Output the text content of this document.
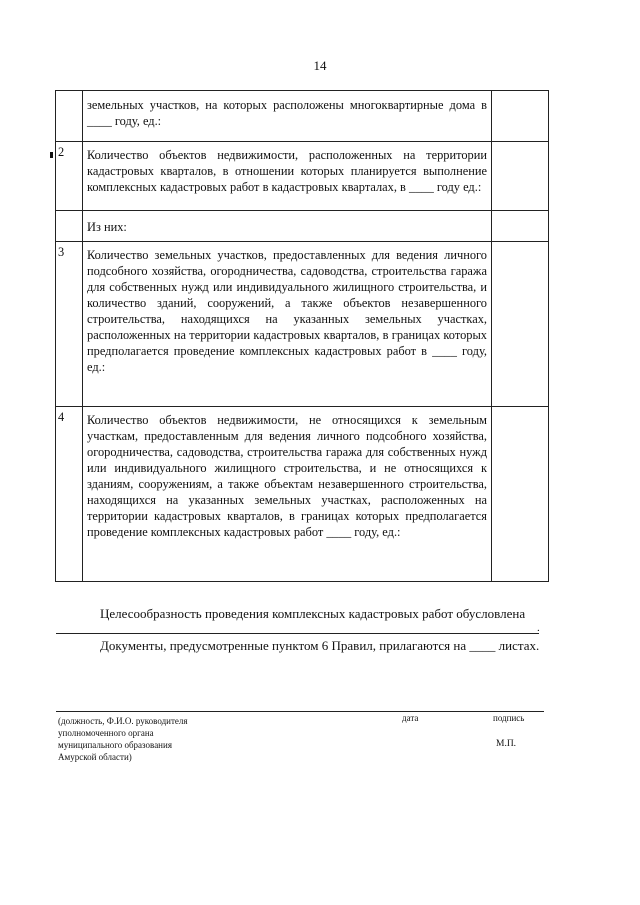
14

	земельных участков, на которых расположены многоквартирные дома в ____ году, ед.:	

2	Количество объектов недвижимости, расположенных на территории кадастровых кварталов, в отношении которых планируется выполнение комплексных кадастровых работ в кадастровых кварталах, в ____ году ед.:	

	Из них:	

3	Количество земельных участков, предоставленных для ведения личного подсобного хозяйства, огородничества, садоводства, строительства гаража для собственных нужд или индивидуального жилищного строительства, и количество зданий, сооружений, а также объектов незавершенного строительства, находящихся на указанных земельных участках, расположенных на территории кадастровых кварталов, в границах которых предполагается проведение комплексных кадастровых работ в ____ году, ед.:	

4	Количество объектов недвижимости, не относящихся к земельным участкам, предоставленным для ведения личного подсобного хозяйства, огородничества, садоводства, строительства гаража для собственных нужд или индивидуального жилищного строительства, и не относящихся к зданиям, сооружениям, а также объектам незавершенного строительства, находящихся на указанных земельных участках, расположенных на территории кадастровых кварталов, в границах которых предполагается проведение комплексных кадастровых работ ____ году, ед.:	

Целесообразность проведения комплексных кадастровых работ обусловлена
.
Документы, предусмотренные пунктом 6 Правил, прилагаются на ____ листах.
(должность, Ф.И.О. руководителя
уполномоченного органа
муниципального образования
Амурской области)
дата	подпись
М.П.
